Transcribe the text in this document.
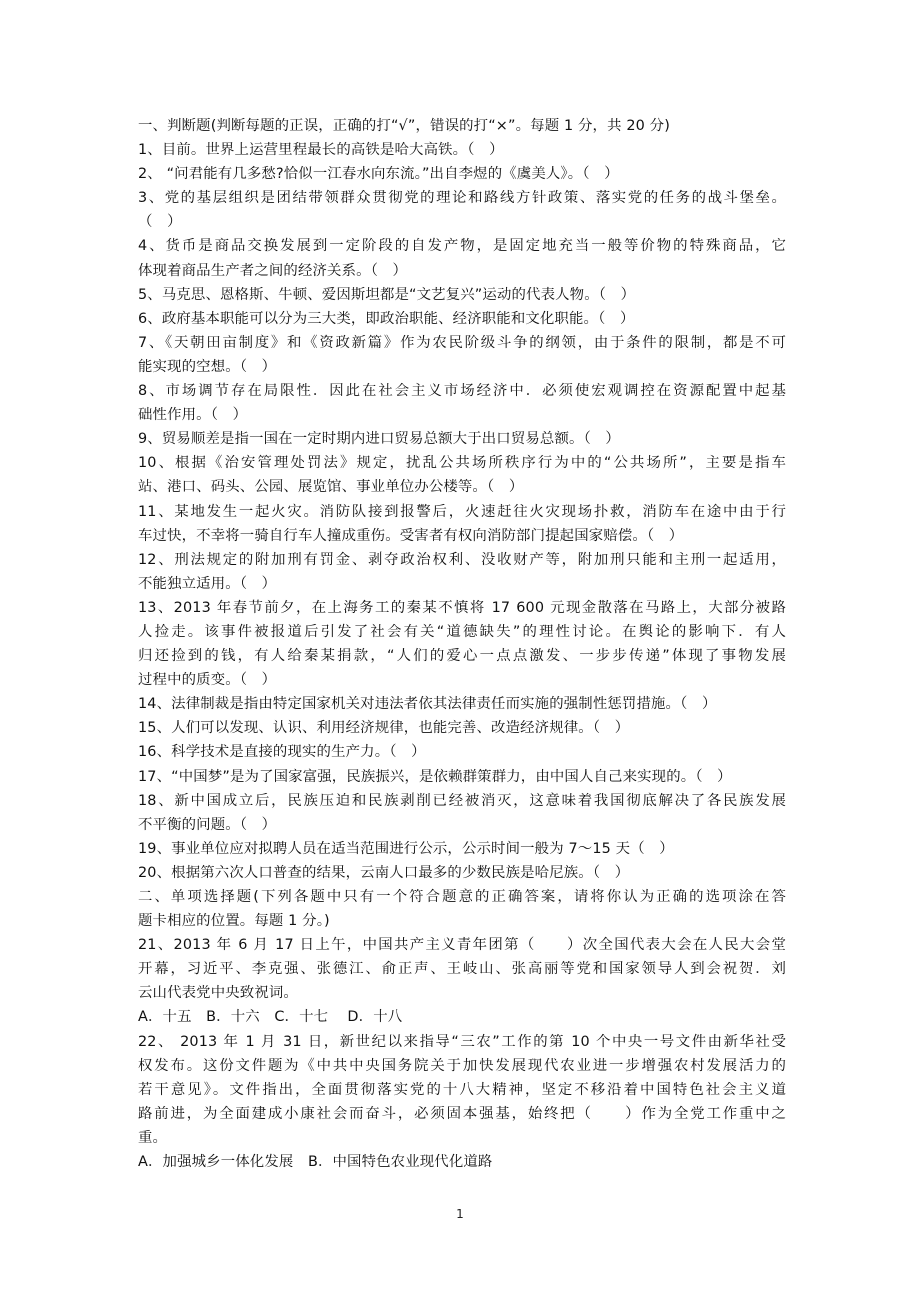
一、判断题(判断每题的正误，正确的打“√”，错误的打“×”。每题 1 分，共 20 分)
1、目前。世界上运营里程最长的高铁是哈大高铁。（　）
2、 “问君能有几多愁?恰似一江春水向东流。”出自李煜的《虞美人》。（　）
3、党的基层组织是团结带领群众贯彻党的理论和路线方针政策、落实党的任务的战斗堡垒。
（　）
4、货币是商品交换发展到一定阶段的自发产物，是固定地充当一般等价物的特殊商品，它
体现着商品生产者之间的经济关系。（　）
5、马克思、恩格斯、牛顿、爱因斯坦都是“文艺复兴”运动的代表人物。（　）
6、政府基本职能可以分为三大类，即政治职能、经济职能和文化职能。（　）
7、《天朝田亩制度》和《资政新篇》作为农民阶级斗争的纲领，由于条件的限制，都是不可
能实现的空想。（　）
8、市场调节存在局限性．因此在社会主义市场经济中．必须使宏观调控在资源配置中起基
础性作用。（　）
9、贸易顺差是指一国在一定时期内进口贸易总额大于出口贸易总额。（　）
10、根据《治安管理处罚法》规定，扰乱公共场所秩序行为中的“公共场所”，主要是指车
站、港口、码头、公园、展览馆、事业单位办公楼等。（　）
11、某地发生一起火灾。消防队接到报警后，火速赶往火灾现场扑救，消防车在途中由于行
车过快，不幸将一骑自行车人撞成重伤。受害者有权向消防部门提起国家赔偿。（　）
12、刑法规定的附加刑有罚金、剥夺政治权利、没收财产等，附加刑只能和主刑一起适用，
不能独立适用。（　）
13、2013 年春节前夕，在上海务工的秦某不慎将 17 600 元现金散落在马路上，大部分被路
人捡走。该事件被报道后引发了社会有关“道德缺失”的理性讨论。在舆论的影响下．有人
归还捡到的钱，有人给秦某捐款，“人们的爱心一点点激发、一步步传递”体现了事物发展
过程中的质变。（　）
14、法律制裁是指由特定国家机关对违法者依其法律责任而实施的强制性惩罚措施。（　）
15、人们可以发现、认识、利用经济规律，也能完善、改造经济规律。（　）
16、科学技术是直接的现实的生产力。（　）
17、“中国梦”是为了国家富强，民族振兴，是依赖群策群力，由中国人自己来实现的。（　）
18、新中国成立后，民族压迫和民族剥削已经被消灭，这意味着我国彻底解决了各民族发展
不平衡的问题。（　）
19、事业单位应对拟聘人员在适当范围进行公示，公示时间一般为 7～15 天（　）
20、根据第六次人口普查的结果，云南人口最多的少数民族是哈尼族。（　）
二、单项选择题(下列各题中只有一个符合题意的正确答案，请将你认为正确的选项涂在答
题卡相应的位置。每题 1 分。)
21、2013 年 6 月 17 日上午，中国共产主义青年团第（　　）次全国代表大会在人民大会堂
开幕，习近平、李克强、张德江、俞正声、王岐山、张高丽等党和国家领导人到会祝贺．刘
云山代表党中央致祝词。
A．十五　B．十六　C．十七　 D．十八
22、 2013 年 1 月 31 日，新世纪以来指导“三农”工作的第 10 个中央一号文件由新华社受
权发布。这份文件题为《中共中央国务院关于加快发展现代农业进一步增强农村发展活力的
若干意见》。文件指出，全面贯彻落实党的十八大精神，坚定不移沿着中国特色社会主义道
路前进，为全面建成小康社会而奋斗，必须固本强基，始终把（　　）作为全党工作重中之
重。
A．加强城乡一体化发展　B．中国特色农业现代化道路
1
